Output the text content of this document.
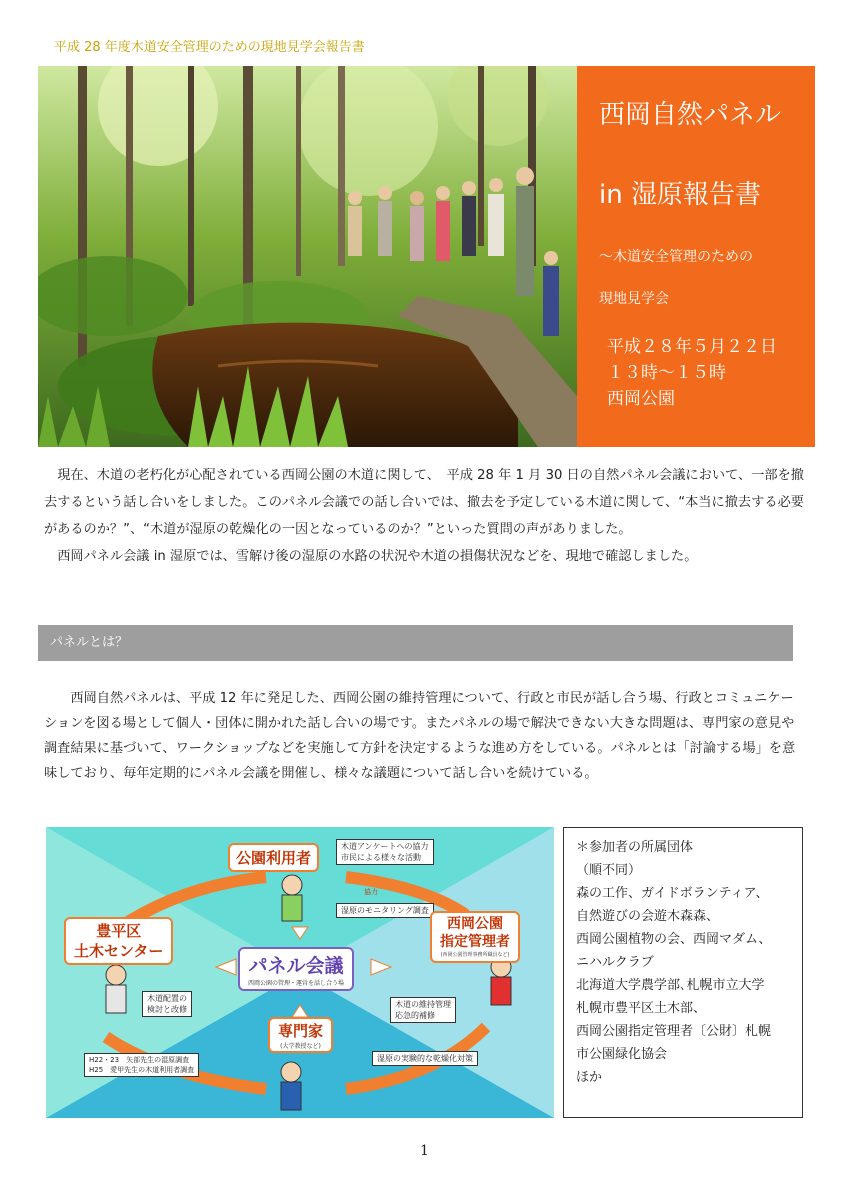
平成 28 年度木道安全管理のための現地見学会報告書
西岡自然パネル
in 湿原報告書
～木道安全管理のための
現地見学会
平成２８年５月２２日
１３時～１５時
西岡公園

現在、木道の老朽化が心配されている西岡公園の木道に関して、　平成 28 年 1 月 30 日の自然パネル会議において、一部を撤去するという話し合いをしました。このパネル会議での話し合いでは、撤去を予定している木道に関して、“本当に撤去する必要があるのか？”、“木道が湿原の乾燥化の一因となっているのか？”といった質問の声がありました。

西岡パネル会議 in 湿原では、雪解け後の湿原の水路の状況や木道の損傷状況などを、現地で確認しました。

パネルとは？

西岡自然パネルは、平成 12 年に発足した、西岡公園の維持管理について、行政と市民が話し合う場、行政とコミュニケーションを図る場として個人・団体に開かれた話し合いの場です。またパネルの場で解決できない大きな問題は、専門家の意見や調査結果に基づいて、ワークショップなどを実施して方針を決定するような進め方をしている。パネルとは「討論する場」を意味しており、毎年定期的にパネル会議を開催し、様々な議題について話し合いを続けている。

公園利用者
木道アンケートへの協力
市民による様々な活動
協力
湿原のモニタリング調査
豊平区
土木センター
西岡公園
指定管理者
(西岡公園管理事務所職員など)
パネル会議
西岡公園の管理・運営を話し合う場
木道配置の
検討と改修
木道の維持管理
応急的補修
専門家
(大学教授など)
H22・23　矢部先生の湿原調査
H25　愛甲先生の木道利用者調査
湿原の実験的な乾燥化対策
＊参加者の所属団体
（順不同）
森の工作、ガイドボランティア、
自然遊びの会遊木森森、
西岡公園植物の会、西岡マダム、
ニハルクラブ
北海道大学農学部､札幌市立大学
札幌市豊平区土木部、
西岡公園指定管理者〔公財〕札幌
市公園緑化協会
ほか
1
